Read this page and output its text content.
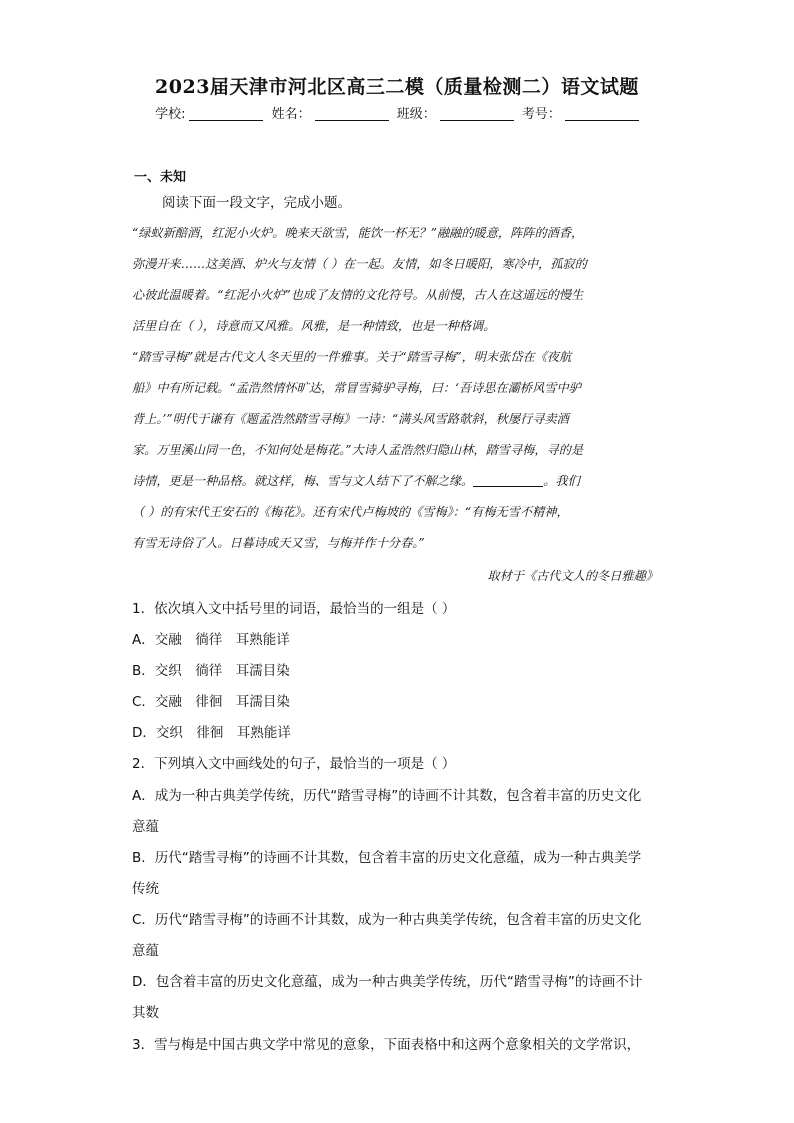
2023届天津市河北区高三二模（质量检测二）语文试题
学校:	姓名：	班级：	考号：
一、未知
阅读下面一段文字，完成小题。
“绿蚁新醅酒，红泥小火炉。晚来天欲雪，能饮一杯无？”融融的暖意，阵阵的酒香，
弥漫开来……这美酒、炉火与友情（ ）在一起。友情，如冬日暖阳，寒冷中，孤寂的
心彼此温暖着。“红泥小火炉”也成了友情的文化符号。从前慢，古人在这遥远的慢生
活里自在（ ），诗意而又风雅。风雅，是一种情致，也是一种格调。
“踏雪寻梅”就是古代文人冬天里的一件雅事。关于“踏雪寻梅”，明末张岱在《夜航
船》中有所记载。“孟浩然情怀旷达，常冒雪骑驴寻梅，曰：‘吾诗思在灞桥风雪中驴
背上。’”明代于谦有《题孟浩然踏雪寻梅》一诗：“满头风雪路欹斜，秋屡行寻卖酒
家。万里溪山同一色，不知何处是梅花。”大诗人孟浩然归隐山林，踏雪寻梅，寻的是
诗情，更是一种品格。就这样，梅、雪与文人结下了不解之缘。	。我们
（ ）的有宋代王安石的《梅花》。还有宋代卢梅坡的《雪梅》：“有梅无雪不精神，
有雪无诗俗了人。日暮诗成天又雪，与梅并作十分春。”
取材于《古代文人的冬日雅趣》
1．依次填入文中括号里的词语，最恰当的一组是（ ）
A．交融　徜徉　耳熟能详
B．交织　徜徉　耳濡目染
C．交融　徘徊　耳濡目染
D．交织　徘徊　耳熟能详
2．下列填入文中画线处的句子，最恰当的一项是（ ）
A．成为一种古典美学传统，历代“踏雪寻梅”的诗画不计其数，包含着丰富的历史文化
意蕴
B．历代“踏雪寻梅”的诗画不计其数，包含着丰富的历史文化意蕴，成为一种古典美学
传统
C．历代“踏雪寻梅”的诗画不计其数，成为一种古典美学传统，包含着丰富的历史文化
意蕴
D．包含着丰富的历史文化意蕴，成为一种古典美学传统，历代“踏雪寻梅”的诗画不计
其数
3．雪与梅是中国古典文学中常见的意象，下面表格中和这两个意象相关的文学常识，
